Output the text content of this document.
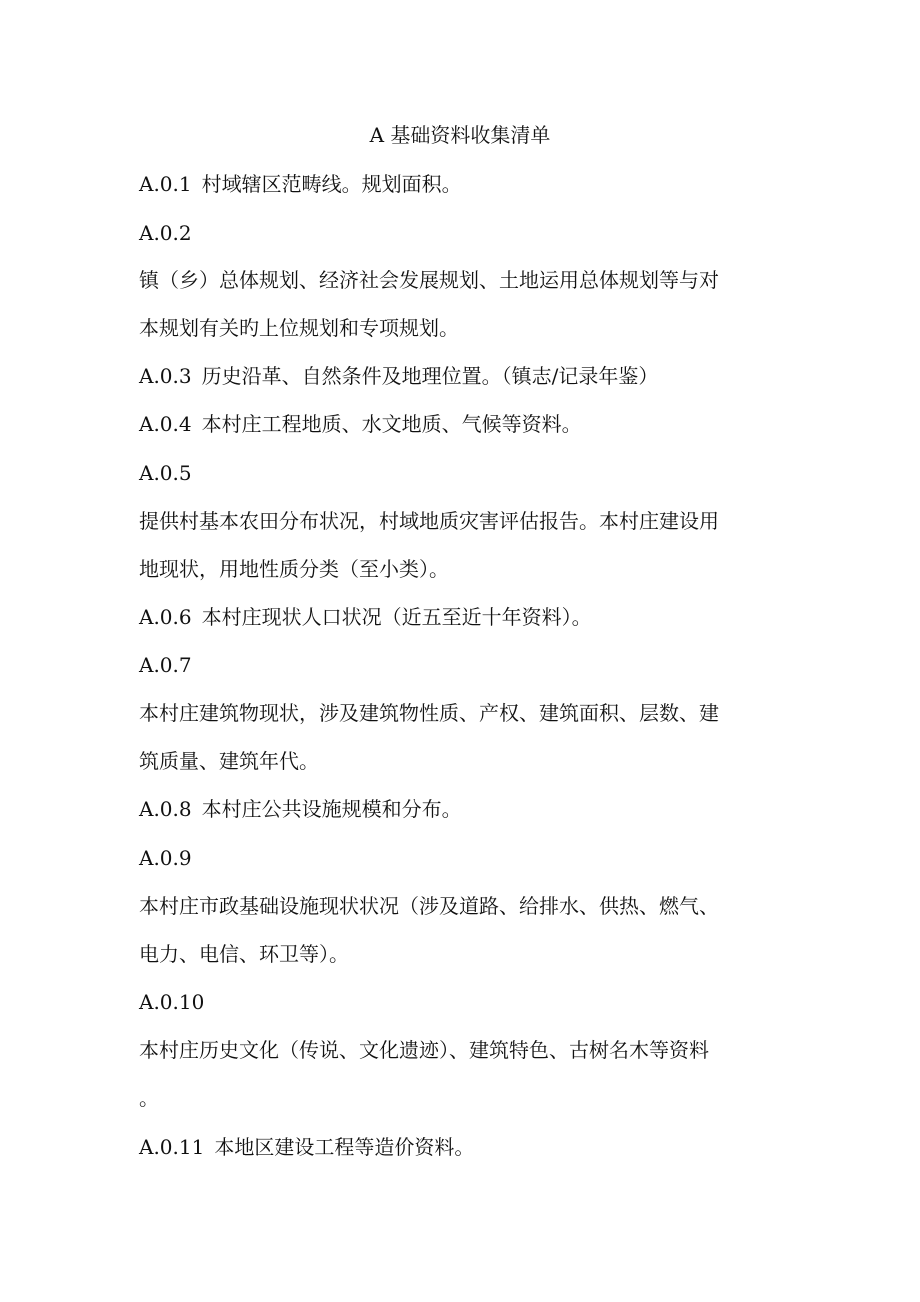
A 基础资料收集清单

A.0.1 村域辖区范畴线。规划面积。

A.0.2

镇（乡）总体规划、经济社会发展规划、土地运用总体规划等与对

本规划有关旳上位规划和专项规划。

A.0.3 历史沿革、自然条件及地理位置。（镇志/记录年鉴）

A.0.4 本村庄工程地质、水文地质、气候等资料。

A.0.5

提供村基本农田分布状况，村域地质灾害评估报告。本村庄建设用

地现状，用地性质分类（至小类）。

A.0.6 本村庄现状人口状况（近五至近十年资料）。

A.0.7

本村庄建筑物现状，涉及建筑物性质、产权、建筑面积、层数、建

筑质量、建筑年代。

A.0.8 本村庄公共设施规模和分布。

A.0.9

本村庄市政基础设施现状状况（涉及道路、给排水、供热、燃气、

电力、电信、环卫等）。

A.0.10

本村庄历史文化（传说、文化遗迹）、建筑特色、古树名木等资料

。

A.0.11 本地区建设工程等造价资料。
